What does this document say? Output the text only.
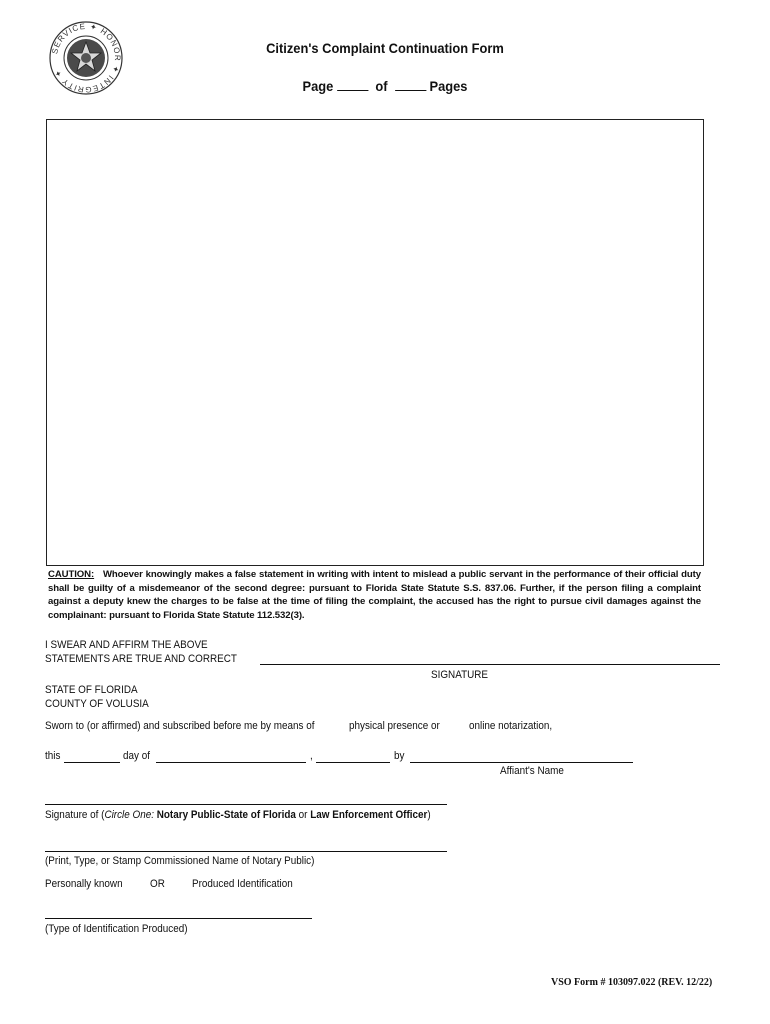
SERVICE ✦ HONOR ✦ INTEGRITY ✦
Citizen's Complaint Continuation Form
Page	of	Pages
CAUTION: Whoever knowingly makes a false statement in writing with intent to mislead a public servant in the performance of their official duty shall be guilty of a misdemeanor of the second degree: pursuant to Florida State Statute S.S. 837.06. Further, if the person filing a complaint against a deputy knew the charges to be false at the time of filing the complaint, the accused has the right to pursue civil damages against the complainant: pursuant to Florida State Statute 112.532(3).
I SWEAR AND AFFIRM THE ABOVE
STATEMENTS ARE TRUE AND CORRECT
SIGNATURE
STATE OF FLORIDA
COUNTY OF VOLUSIA
Sworn to (or affirmed) and subscribed before me by means of	physical presence or	online notarization,
this	day of	,	by
Affiant's Name
Signature of (Circle One: Notary Public-State of Florida or Law Enforcement Officer)
(Print, Type, or Stamp Commissioned Name of Notary Public)
Personally known OR Produced Identification
(Type of Identification Produced)
VSO Form # 103097.022 (REV. 12/22)
